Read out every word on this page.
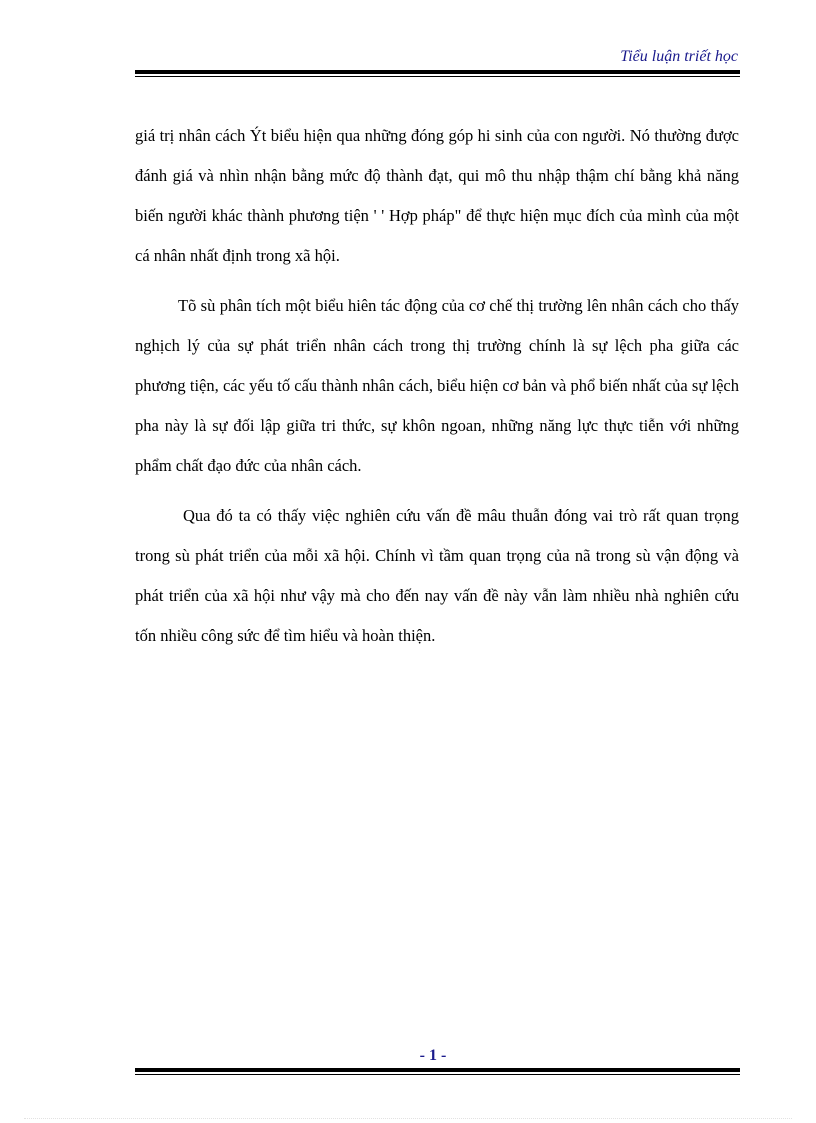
Tiểu luận triết học

giá trị nhân cách Ýt biểu hiện qua những đóng góp hi sinh của con người. Nó thường được đánh giá và nhìn nhận bằng mức độ thành đạt, qui mô thu nhập thậm chí bằng khả năng biến người khác thành phương tiện ' ' Hợp pháp" để thực hiện mục đích của mình của một cá nhân nhất định trong xã hội.

Tõ sù phân tích một biểu hiên tác động của cơ chế thị trường lên nhân cách cho thấy nghịch lý của sự phát triển nhân cách trong thị trường chính là sự lệch pha giữa các phương tiện, các yếu tố cấu thành nhân cách, biểu hiện cơ bản và phổ biến nhất của sự lệch pha này là sự đối lập giữa tri thức, sự khôn ngoan, những năng lực thực tiễn với những phẩm chất đạo đức của nhân cách.

Qua đó ta có thấy việc nghiên cứu vấn đề mâu thuẫn đóng vai trò rất quan trọng trong sù phát triển của mỗi xã hội. Chính vì tầm quan trọng của nã trong sù vận động và phát triển của xã hội như vậy mà cho đến nay vấn đề này vẫn làm nhiều nhà nghiên cứu tốn nhiều công sức để tìm hiểu và hoàn thiện.

- 1 -
